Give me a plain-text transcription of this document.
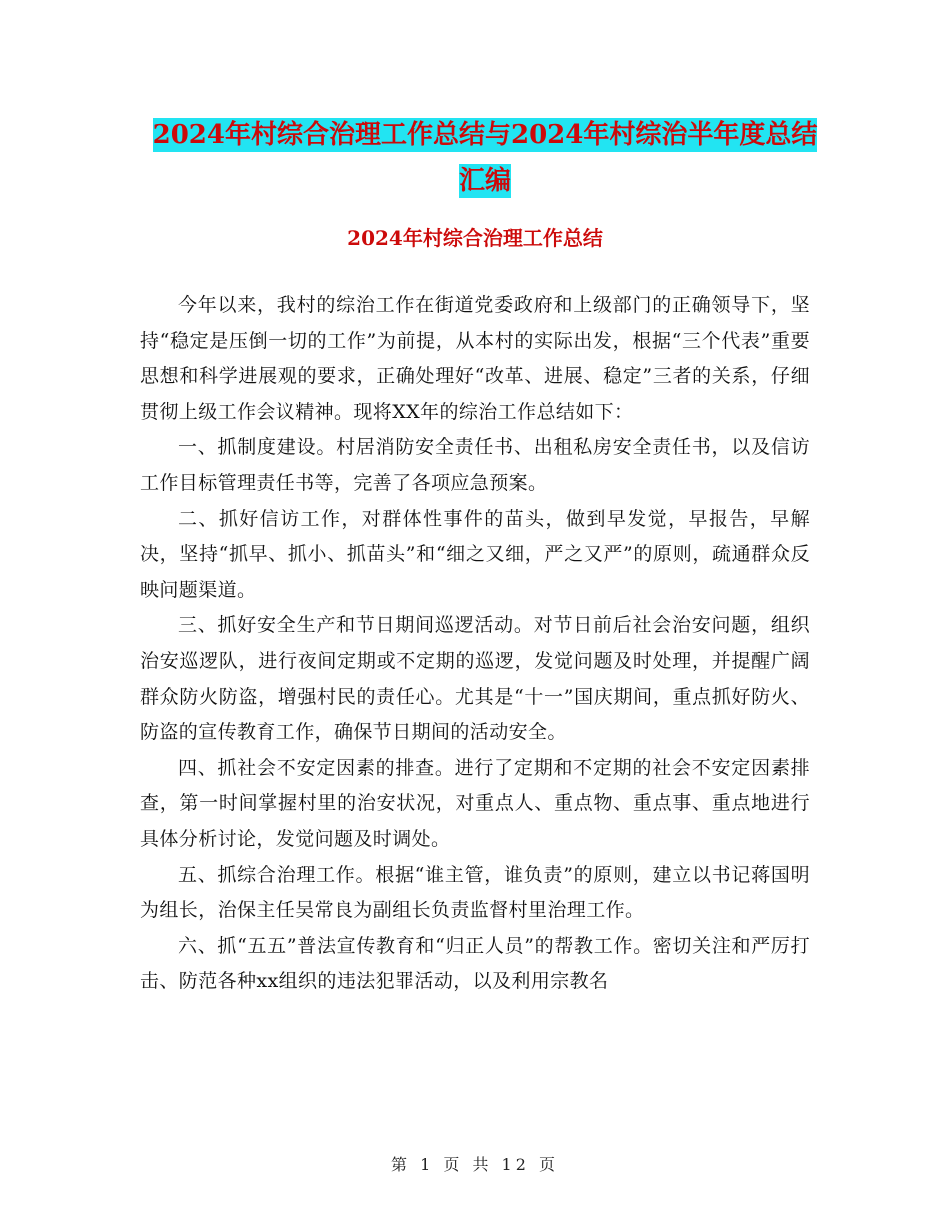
2024年村综合治理工作总结与2024年村综治半年度总结汇编
2024年村综合治理工作总结

今年以来，我村的综治工作在街道党委政府和上级部门的正确领导下，坚持“稳定是压倒一切的工作”为前提，从本村的实际出发，根据“三个代表”重要思想和科学进展观的要求，正确处理好“改革、进展、稳定”三者的关系，仔细贯彻上级工作会议精神。现将XX年的综治工作总结如下：

一、抓制度建设。村居消防安全责任书、出租私房安全责任书，以及信访工作目标管理责任书等，完善了各项应急预案。

二、抓好信访工作，对群体性事件的苗头，做到早发觉，早报告，早解决，坚持“抓早、抓小、抓苗头”和“细之又细，严之又严”的原则，疏通群众反映问题渠道。

三、抓好安全生产和节日期间巡逻活动。对节日前后社会治安问题，组织治安巡逻队，进行夜间定期或不定期的巡逻，发觉问题及时处理，并提醒广阔群众防火防盗，增强村民的责任心。尤其是“十一”国庆期间，重点抓好防火、防盗的宣传教育工作，确保节日期间的活动安全。

四、抓社会不安定因素的排查。进行了定期和不定期的社会不安定因素排查，第一时间掌握村里的治安状况，对重点人、重点物、重点事、重点地进行具体分析讨论，发觉问题及时调处。

五、抓综合治理工作。根据“谁主管，谁负责”的原则，建立以书记蒋国明为组长，治保主任吴常良为副组长负责监督村里治理工作。

六、抓“五五”普法宣传教育和“归正人员”的帮教工作。密切关注和严厉打击、防范各种xx组织的违法犯罪活动，以及利用宗教名

第 1 页 共 12 页
